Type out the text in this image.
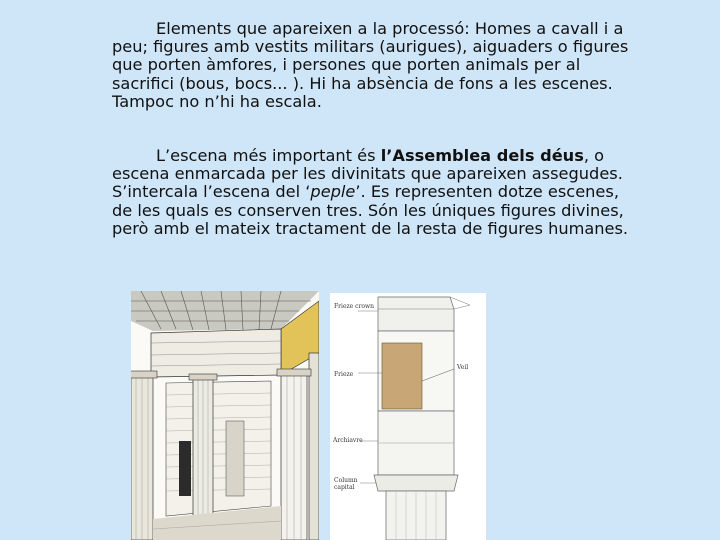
Elements que apareixen a la processó: Homes a cavall i a peu; figures amb vestits militars (aurigues), aiguaders o figures que porten àmfores, i persones que porten animals per al sacrifici (bous, bocs... ). Hi ha absència de fons a les escenes. Tampoc no n’hi ha escala.

L’escena més important és l’Assemblea dels déus, o escena enmarcada per les divinitats que apareixen assegudes. S’intercala l’escena del ‘peple’. Es representen dotze escenes, de les quals es conserven tres. Són les úniques figures divines, però amb el mateix tractament de la resta de figures humanes.

Frieze crown
Frieze
Veil
Archiavre
Column capital
